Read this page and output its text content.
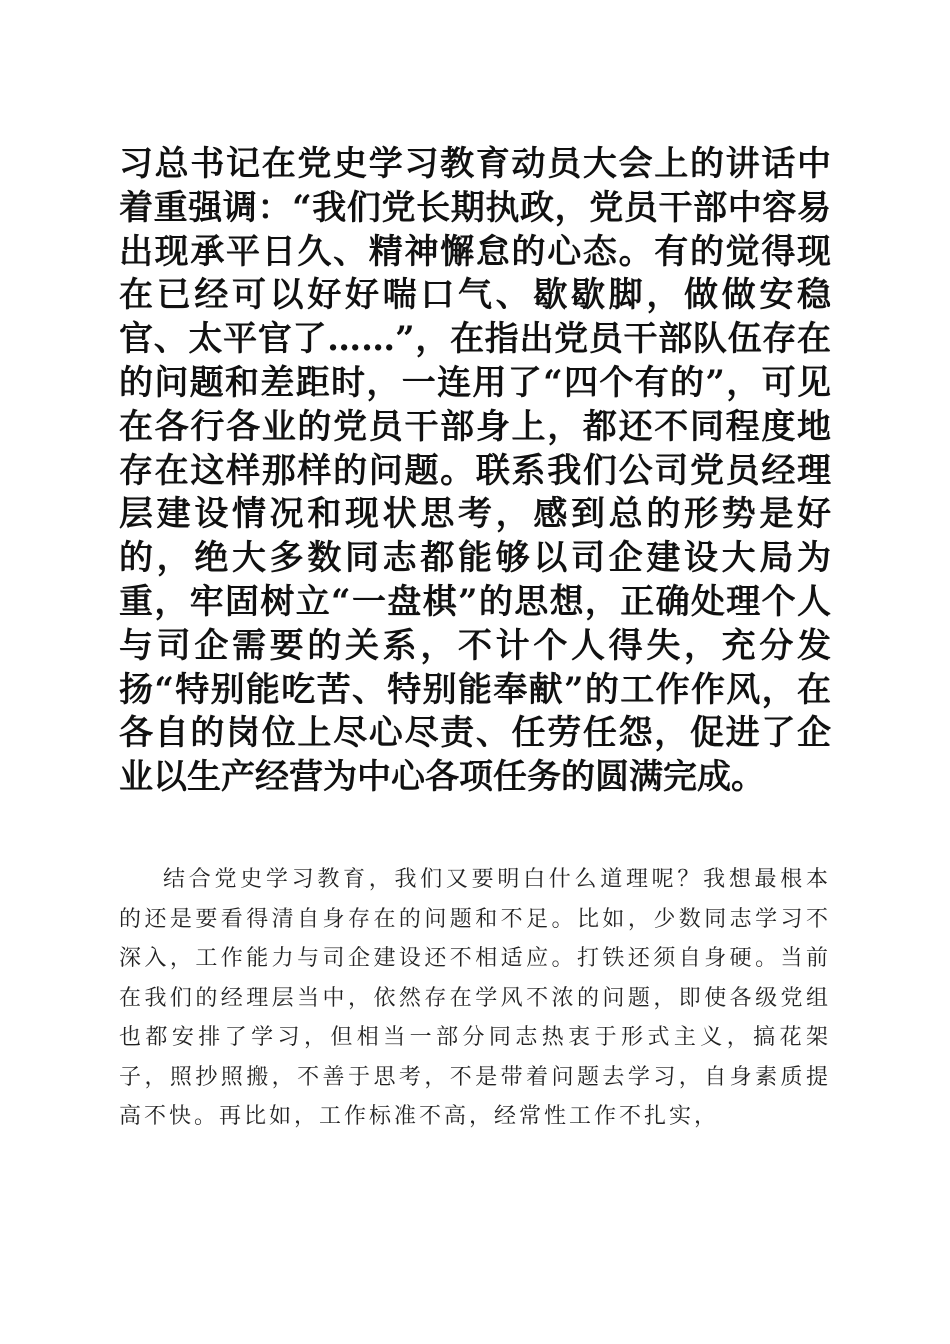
习总书记在党史学习教育动员大会上的讲话中着重强调：“我们党长期执政，党员干部中容易出现承平日久、精神懈怠的心态。有的觉得现在已经可以好好喘口气、歇歇脚，做做安稳官、太平官了……”，在指出党员干部队伍存在的问题和差距时，一连用了“四个有的”，可见在各行各业的党员干部身上，都还不同程度地存在这样那样的问题。联系我们公司党员经理层建设情况和现状思考，感到总的形势是好的，绝大多数同志都能够以司企建设大局为重，牢固树立“一盘棋”的思想，正确处理个人与司企需要的关系，不计个人得失，充分发扬“特别能吃苦、特别能奉献”的工作作风，在各自的岗位上尽心尽责、任劳任怨，促进了企业以生产经营为中心各项任务的圆满完成。

结合党史学习教育，我们又要明白什么道理呢？我想最根本的还是要看得清自身存在的问题和不足。比如，少数同志学习不深入，工作能力与司企建设还不相适应。打铁还须自身硬。当前在我们的经理层当中，依然存在学风不浓的问题，即使各级党组也都安排了学习，但相当一部分同志热衷于形式主义，搞花架子，照抄照搬，不善于思考，不是带着问题去学习，自身素质提高不快。再比如，工作标准不高，经常性工作不扎实，
